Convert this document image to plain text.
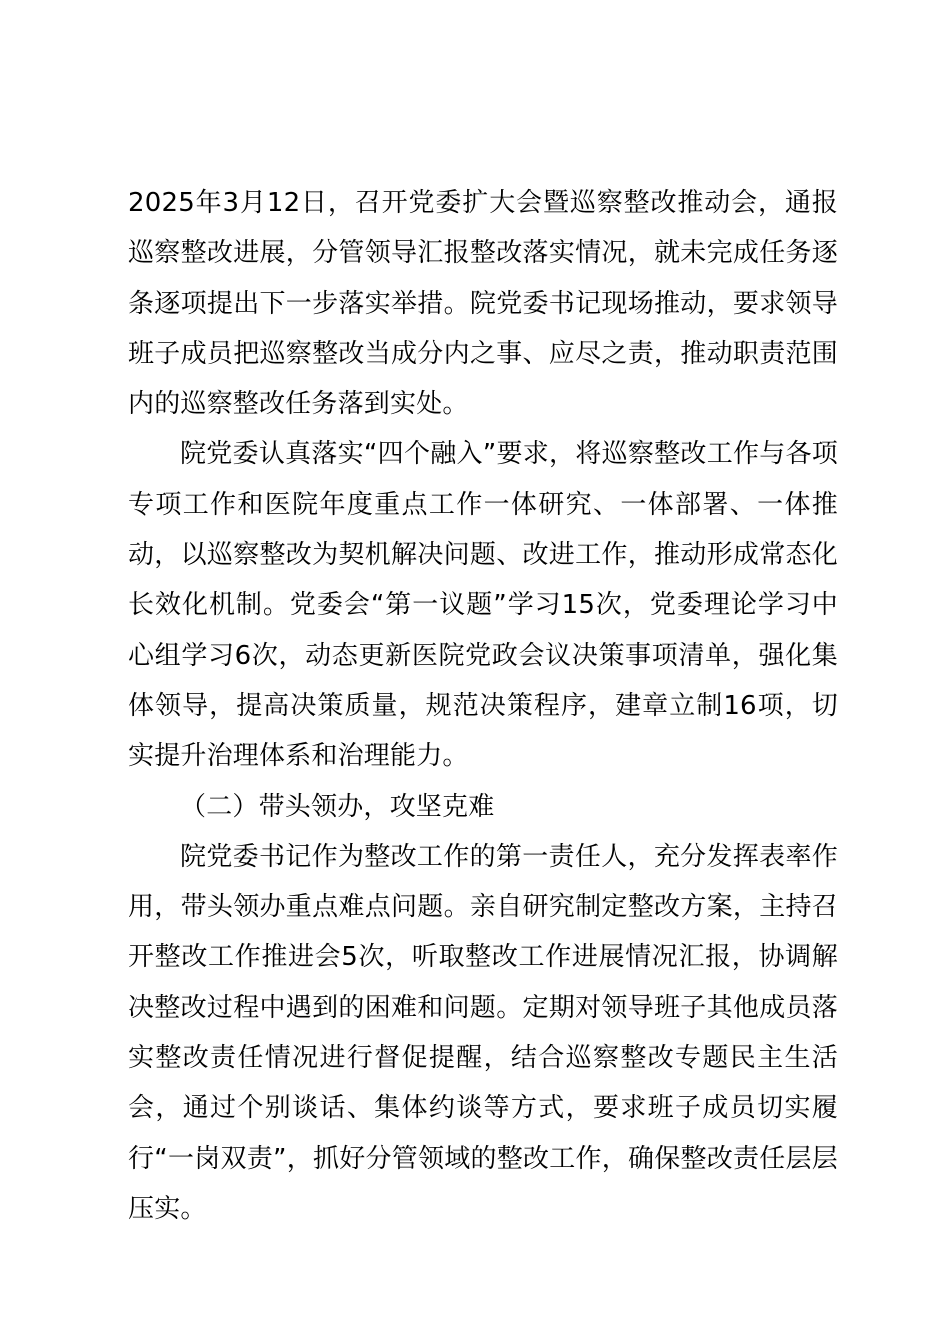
2025年3月12日，召开党委扩大会暨巡察整改推动会，通报巡察整改进展，分管领导汇报整改落实情况，就未完成任务逐条逐项提出下一步落实举措。院党委书记现场推动，要求领导班子成员把巡察整改当成分内之事、应尽之责，推动职责范围内的巡察整改任务落到实处。

院党委认真落实“四个融入”要求，将巡察整改工作与各项专项工作和医院年度重点工作一体研究、一体部署、一体推动，以巡察整改为契机解决问题、改进工作，推动形成常态化长效化机制。党委会“第一议题”学习15次，党委理论学习中心组学习6次，动态更新医院党政会议决策事项清单，强化集体领导，提高决策质量，规范决策程序，建章立制16项，切实提升治理体系和治理能力。

（二）带头领办，攻坚克难

院党委书记作为整改工作的第一责任人，充分发挥表率作用，带头领办重点难点问题。亲自研究制定整改方案，主持召开整改工作推进会5次，听取整改工作进展情况汇报，协调解决整改过程中遇到的困难和问题。定期对领导班子其他成员落实整改责任情况进行督促提醒，结合巡察整改专题民主生活会，通过个别谈话、集体约谈等方式，要求班子成员切实履行“一岗双责”，抓好分管领域的整改工作，确保整改责任层层压实。
